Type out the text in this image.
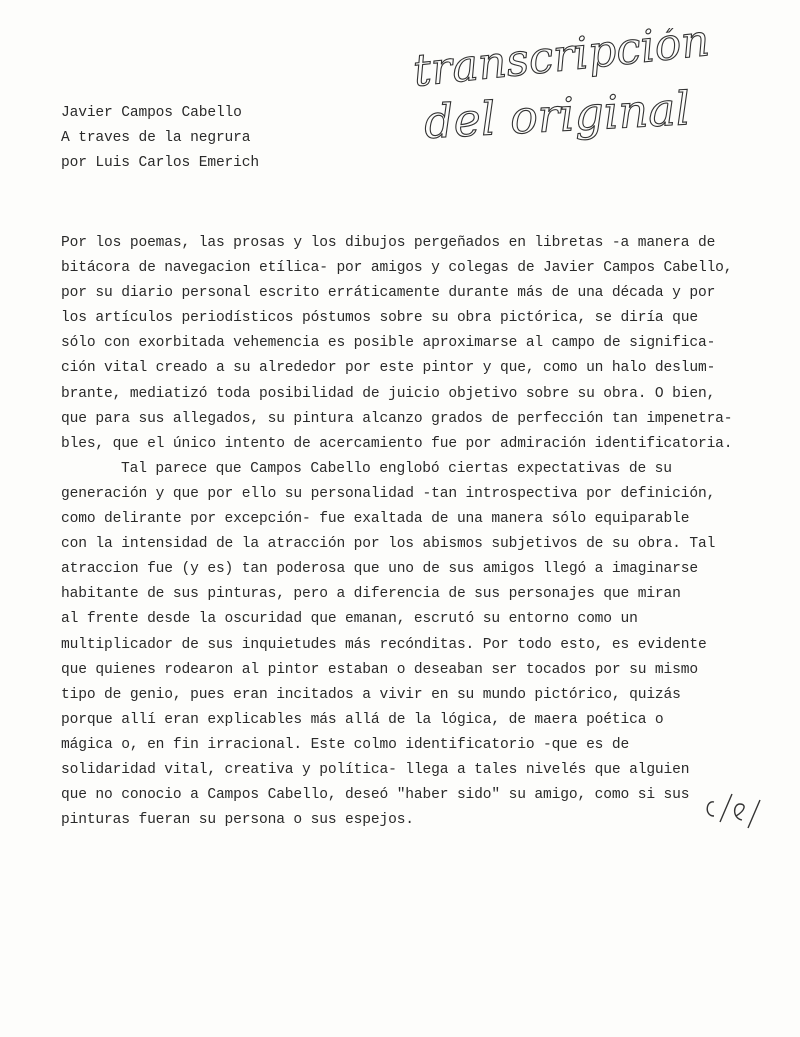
transcripción
del original
Javier Campos Cabello
A traves de la negrura
por Luis Carlos Emerich
Por los poemas, las prosas y los dibujos pergeñados en libretas -a manera de
bitácora de navegacion etílica- por amigos y colegas de Javier Campos Cabello,
por su diario personal escrito erráticamente durante más de una década y por
los artículos periodísticos póstumos sobre su obra pictórica, se diría que
sólo con exorbitada vehemencia es posible aproximarse al campo de significa-
ción vital creado a su alrededor por este pintor y que, como un halo deslum-
brante, mediatizó toda posibilidad de juicio objetivo sobre su obra. O bien,
que para sus allegados, su pintura alcanzo grados de perfección tan impenetra-
bles, que el único intento de acercamiento fue por admiración identificatoria.
Tal parece que Campos Cabello englobó ciertas expectativas de su
generación y que por ello su personalidad -tan introspectiva por definición,
como delirante por excepción- fue exaltada de una manera sólo equiparable
con la intensidad de la atracción por los abismos subjetivos de su obra. Tal
atraccion fue (y es) tan poderosa que uno de sus amigos llegó a imaginarse
habitante de sus pinturas, pero a diferencia de sus personajes que miran
al frente desde la oscuridad que emanan, escrutó su entorno como un
multiplicador de sus inquietudes más recónditas. Por todo esto, es evidente
que quienes rodearon al pintor estaban o deseaban ser tocados por su mismo
tipo de genio, pues eran incitados a vivir en su mundo pictórico, quizás
porque allí eran explicables más allá de la lógica, de maera poética o
mágica o, en fin irracional. Este colmo identificatorio -que es de
solidaridad vital, creativa y política- llega a tales nivelés que alguien
que no conocio a Campos Cabello, deseó "haber sido" su amigo, como si sus
pinturas fueran su persona o sus espejos.
